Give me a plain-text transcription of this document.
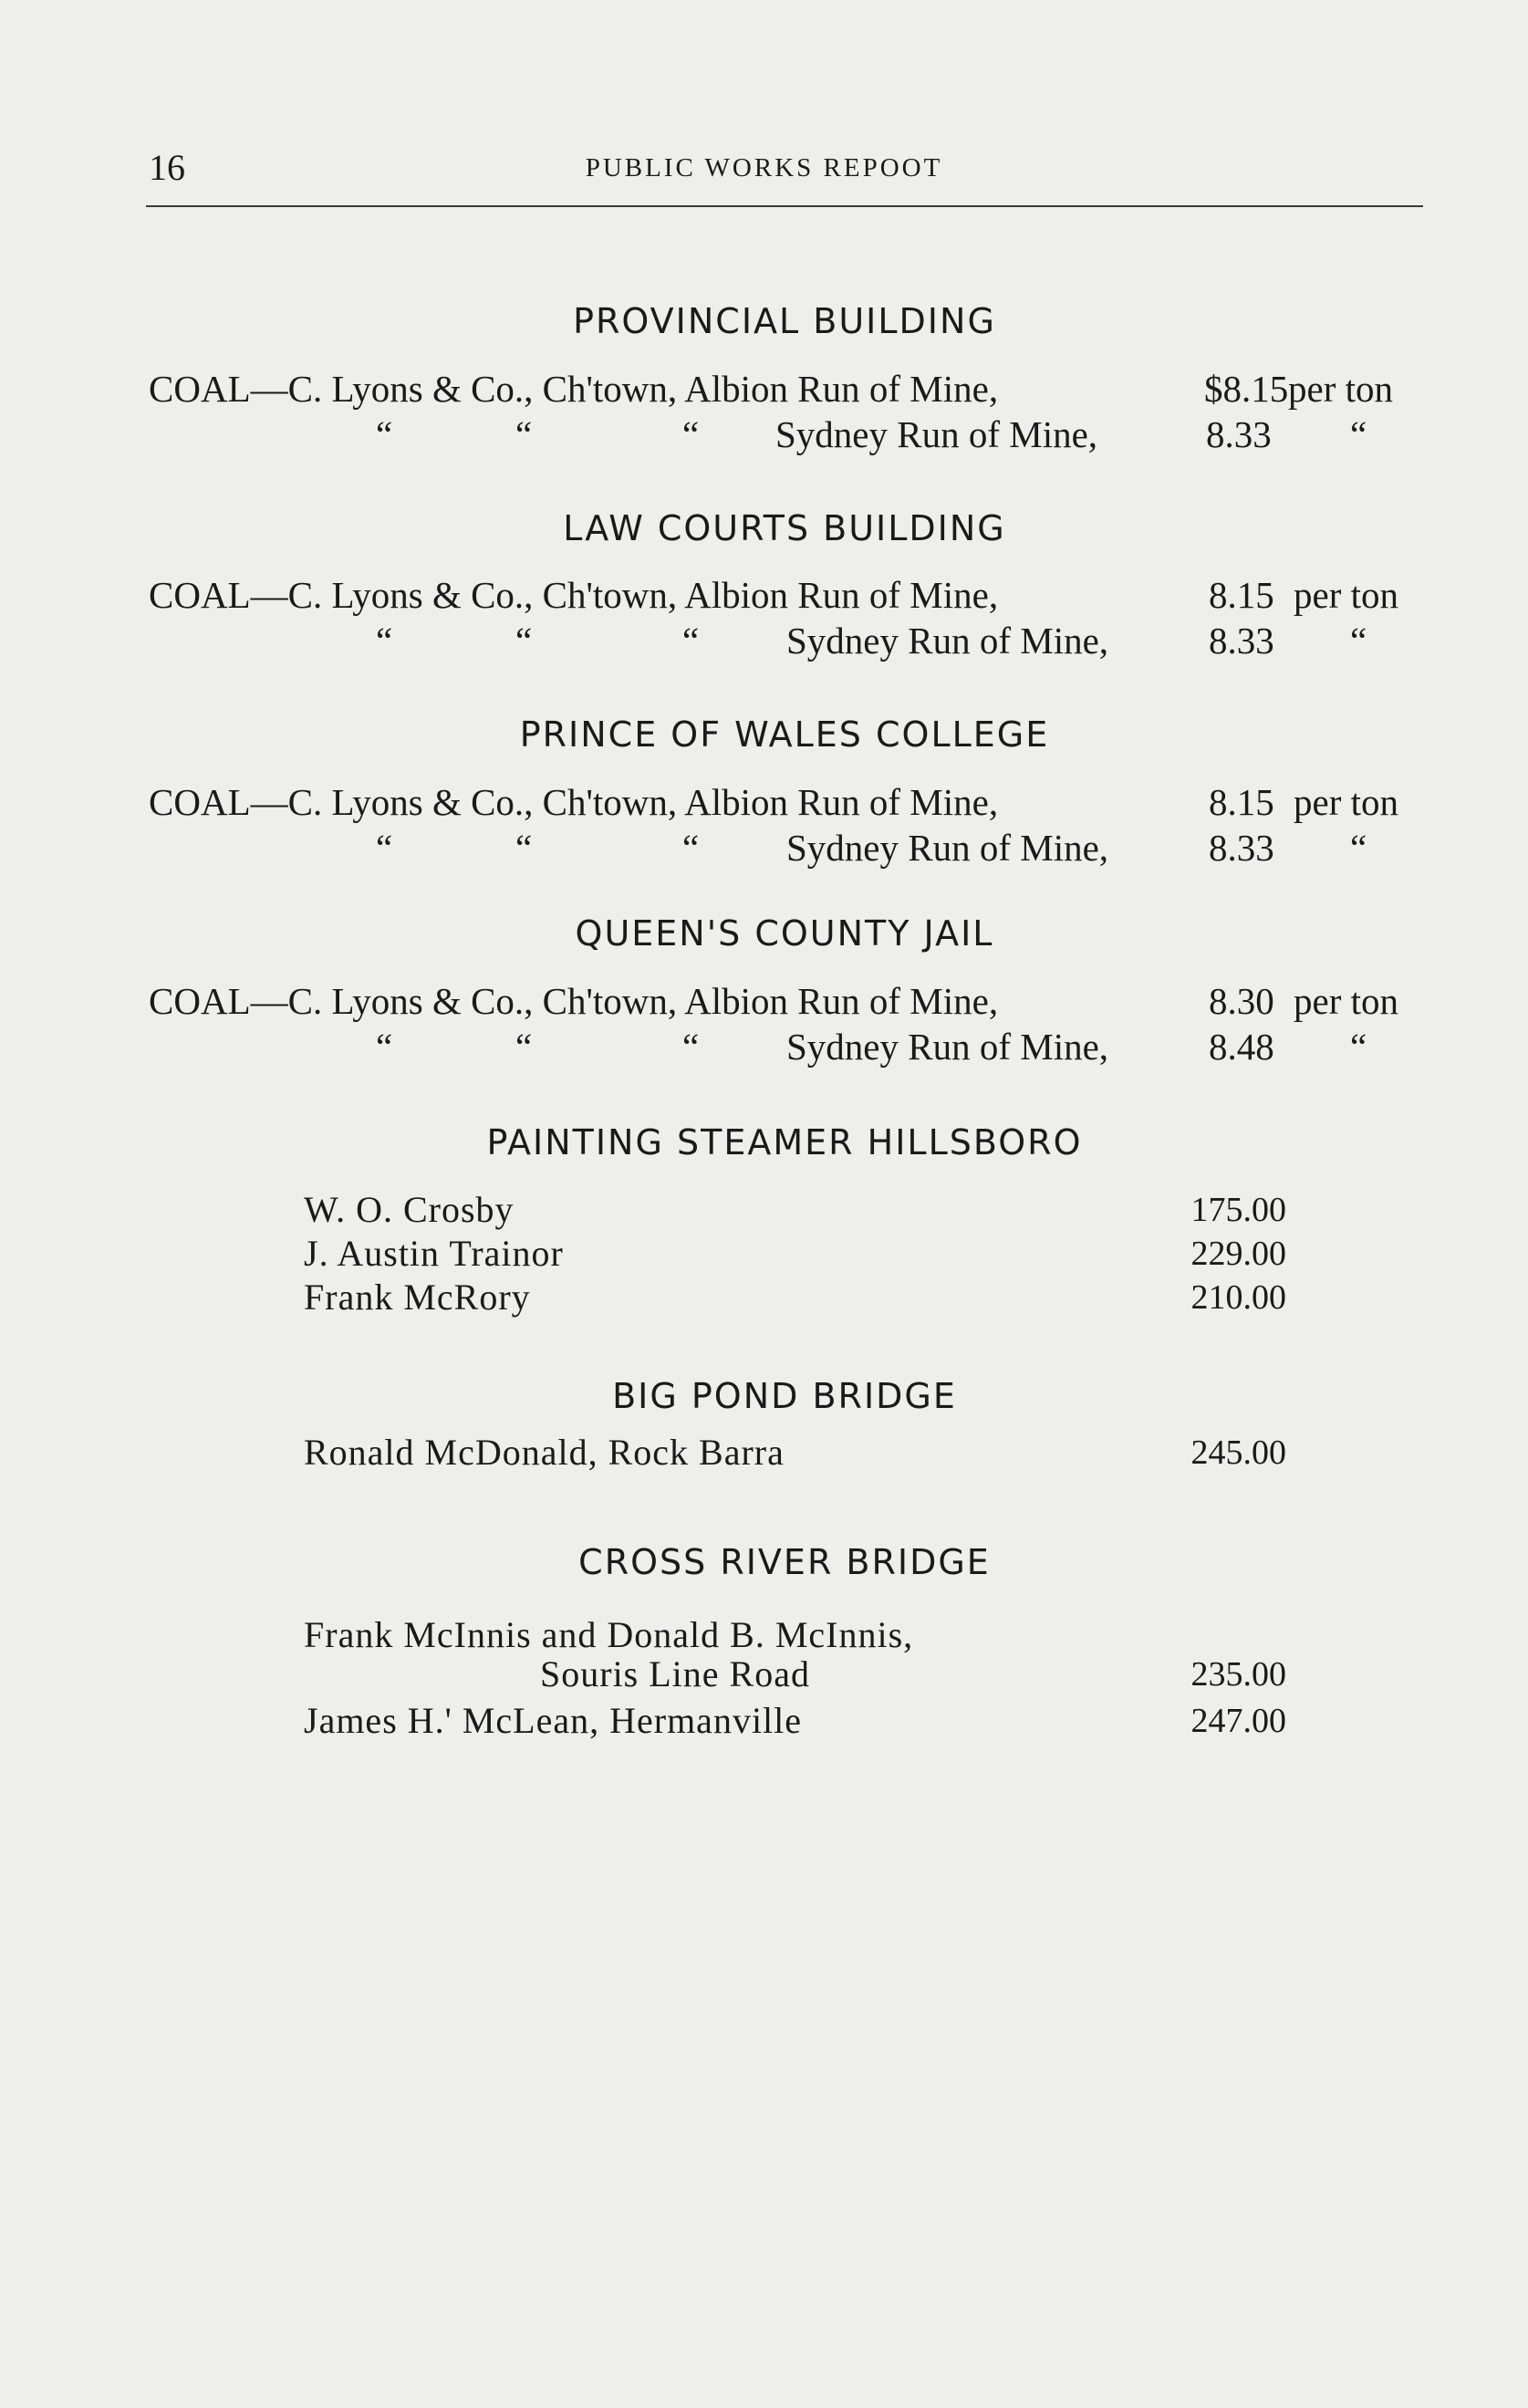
16	PUBLIC WORKS REPOOT
PROVINCIAL BUILDING
COAL—C. Lyons & Co., Ch'town, Albion Run of Mine,	$8.15 per ton
“	“	“ Sydney Run of Mine,	8.33 “
LAW COURTS BUILDING
COAL—C. Lyons & Co., Ch'town, Albion Run of Mine,	8.15 per ton
“	“	“ Sydney Run of Mine,	8.33 “
PRINCE OF WALES COLLEGE
COAL—C. Lyons & Co., Ch'town, Albion Run of Mine,	8.15 per ton
“	“	“ Sydney Run of Mine,	8.33 “
QUEEN'S COUNTY JAIL
COAL—C. Lyons & Co., Ch'town, Albion Run of Mine,	8.30 per ton
“	“	“ Sydney Run of Mine,	8.48 “
PAINTING STEAMER HILLSBORO
W. O. Crosby	175.00
J. Austin Trainor	229.00
Frank McRory	210.00
BIG POND BRIDGE
Ronald McDonald, Rock Barra	245.00
CROSS RIVER BRIDGE
Frank McInnis and Donald B. McInnis,
Souris Line Road	235.00
James H.' McLean, Hermanville	247.00
